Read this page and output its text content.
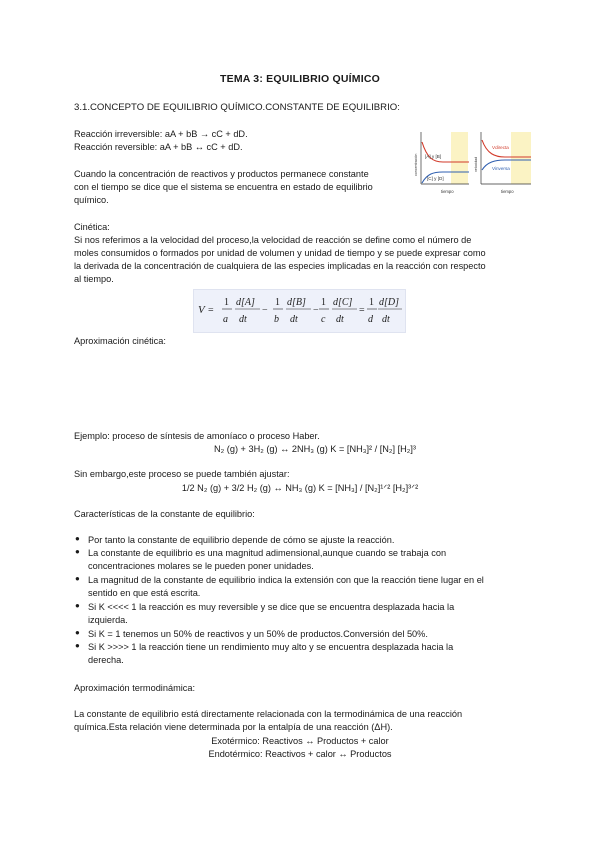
TEMA 3: EQUILIBRIO QUÍMICO
3.1.CONCEPTO DE EQUILIBRIO QUÍMICO.CONSTANTE DE EQUILIBRIO:
Reacción irreversible: aA + bB → cC + dD.
Reacción reversible: aA + bB ↔ cC + dD.
Cuando la concentración de reactivos y productos permanece constante
con el tiempo se dice que el sistema se encuentra en estado de equilibrio
químico.
[A] y [B]
[C] y [D]
tiempo
concentración
Vdirecta
Vinversa
tiempo
velocidad
Cinética:
Si nos referimos a la velocidad del proceso,la velocidad de reacción se define como el número de
moles consumidos o formados por unidad de volumen y unidad de tiempo y se puede expresar como
la derivada de la concentración de cualquiera de las especies implicadas en la reacción con respecto
al tiempo.
V =
1
a
d[A]
dt
−
1
b
d[B]
dt
−
1
c
d[C]
dt
=
1
d
d[D]
dt
Aproximación cinética:
Ejemplo: proceso de síntesis de amoníaco o proceso Haber.
N₂ (g) + 3H₂ (g) ↔ 2NH₃ (g) K = [NH₃]² / [N₂] [H₂]³
Sin embargo,este proceso se puede también ajustar:
1/2 N₂ (g) + 3/2 H₂ (g) ↔ NH₃ (g) K = [NH₃] / [N₂]¹ᐟ² [H₂]³ᐟ²
Características de la constante de equilibrio:
● Por tanto la constante de equilibrio depende de cómo se ajuste la reacción.
● La constante de equilibrio es una magnitud adimensional,aunque cuando se trabaja con
concentraciones molares se le pueden poner unidades.
● La magnitud de la constante de equilibrio indica la extensión con que la reacción tiene lugar en el
sentido en que está escrita.
● Si K <<<< 1 la reacción es muy reversible y se dice que se encuentra desplazada hacia la
izquierda.
● Si K = 1 tenemos un 50% de reactivos y un 50% de productos.Conversión del 50%.
● Si K >>>> 1 la reacción tiene un rendimiento muy alto y se encuentra desplazada hacia la
derecha.
Aproximación termodinámica:
La constante de equilibrio está directamente relacionada con la termodinámica de una reacción
química.Esta relación viene determinada por la entalpía de una reacción (ΔH).
Exotérmico: Reactivos ↔ Productos + calor
Endotérmico: Reactivos + calor ↔ Productos
